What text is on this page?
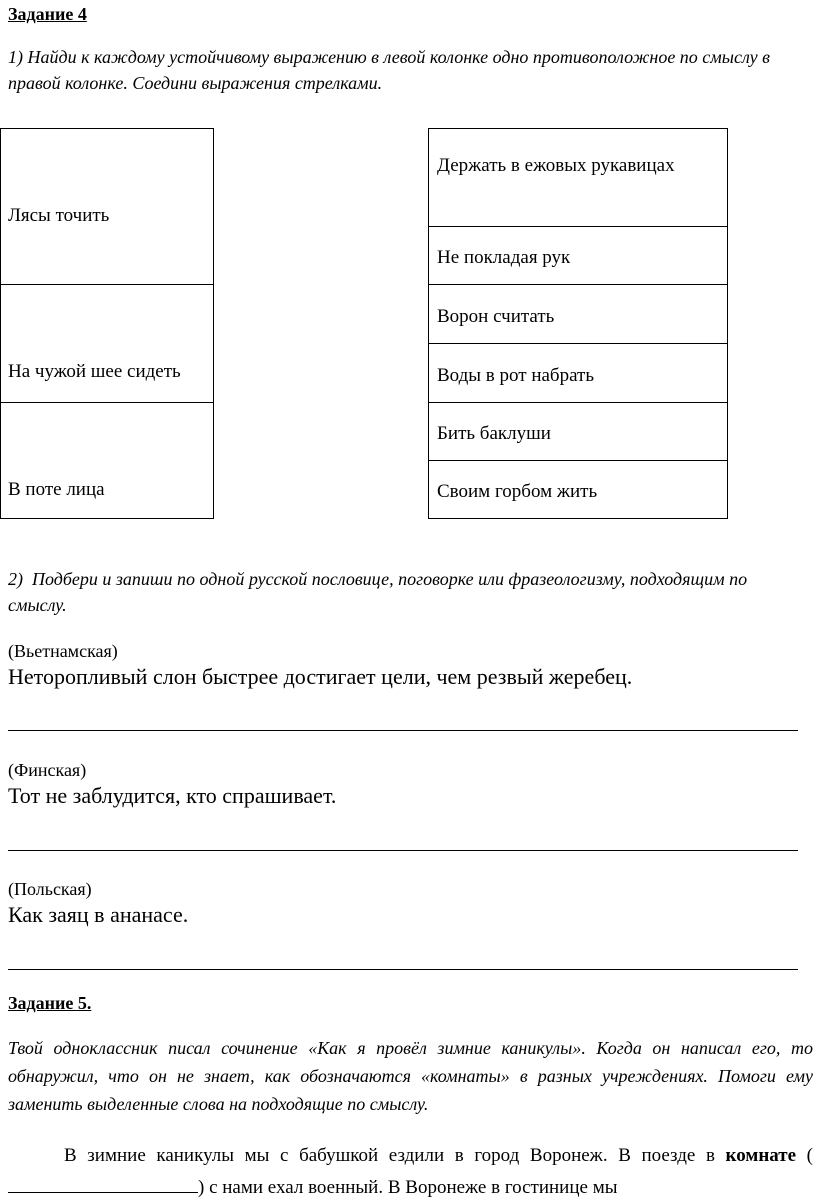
Задание 4
1) Найди к каждому устойчивому выражению в левой колонке одно противоположное по смыслу в правой колонке. Соедини выражения стрелками.
Лясы точить
На чужой шее сидеть
В поте лица
Держать в ежовых рукавицах
Не покладая рук
Ворон считать
Воды в рот набрать
Бить баклуши
Своим горбом жить
2) Подбери и запиши по одной русской пословице, поговорке или фразеологизму, подходящим по смыслу.
(Вьетнамская)
Неторопливый слон быстрее достигает цели, чем резвый жеребец.
(Финская)
Тот не заблудится, кто спрашивает.
(Польская)
Как заяц в ананасе.
Задание 5.
Твой одноклассник писал сочинение «Как я провёл зимние каникулы». Когда он написал его, то обнаружил, что он не знает, как обозначаются «комнаты» в разных учреждениях. Помоги ему заменить выделенные слова на подходящие по смыслу.
В зимние каникулы мы с бабушкой ездили в город Воронеж. В поезде в комнате () с нами ехал военный. В Воронеже в гостинице мы
